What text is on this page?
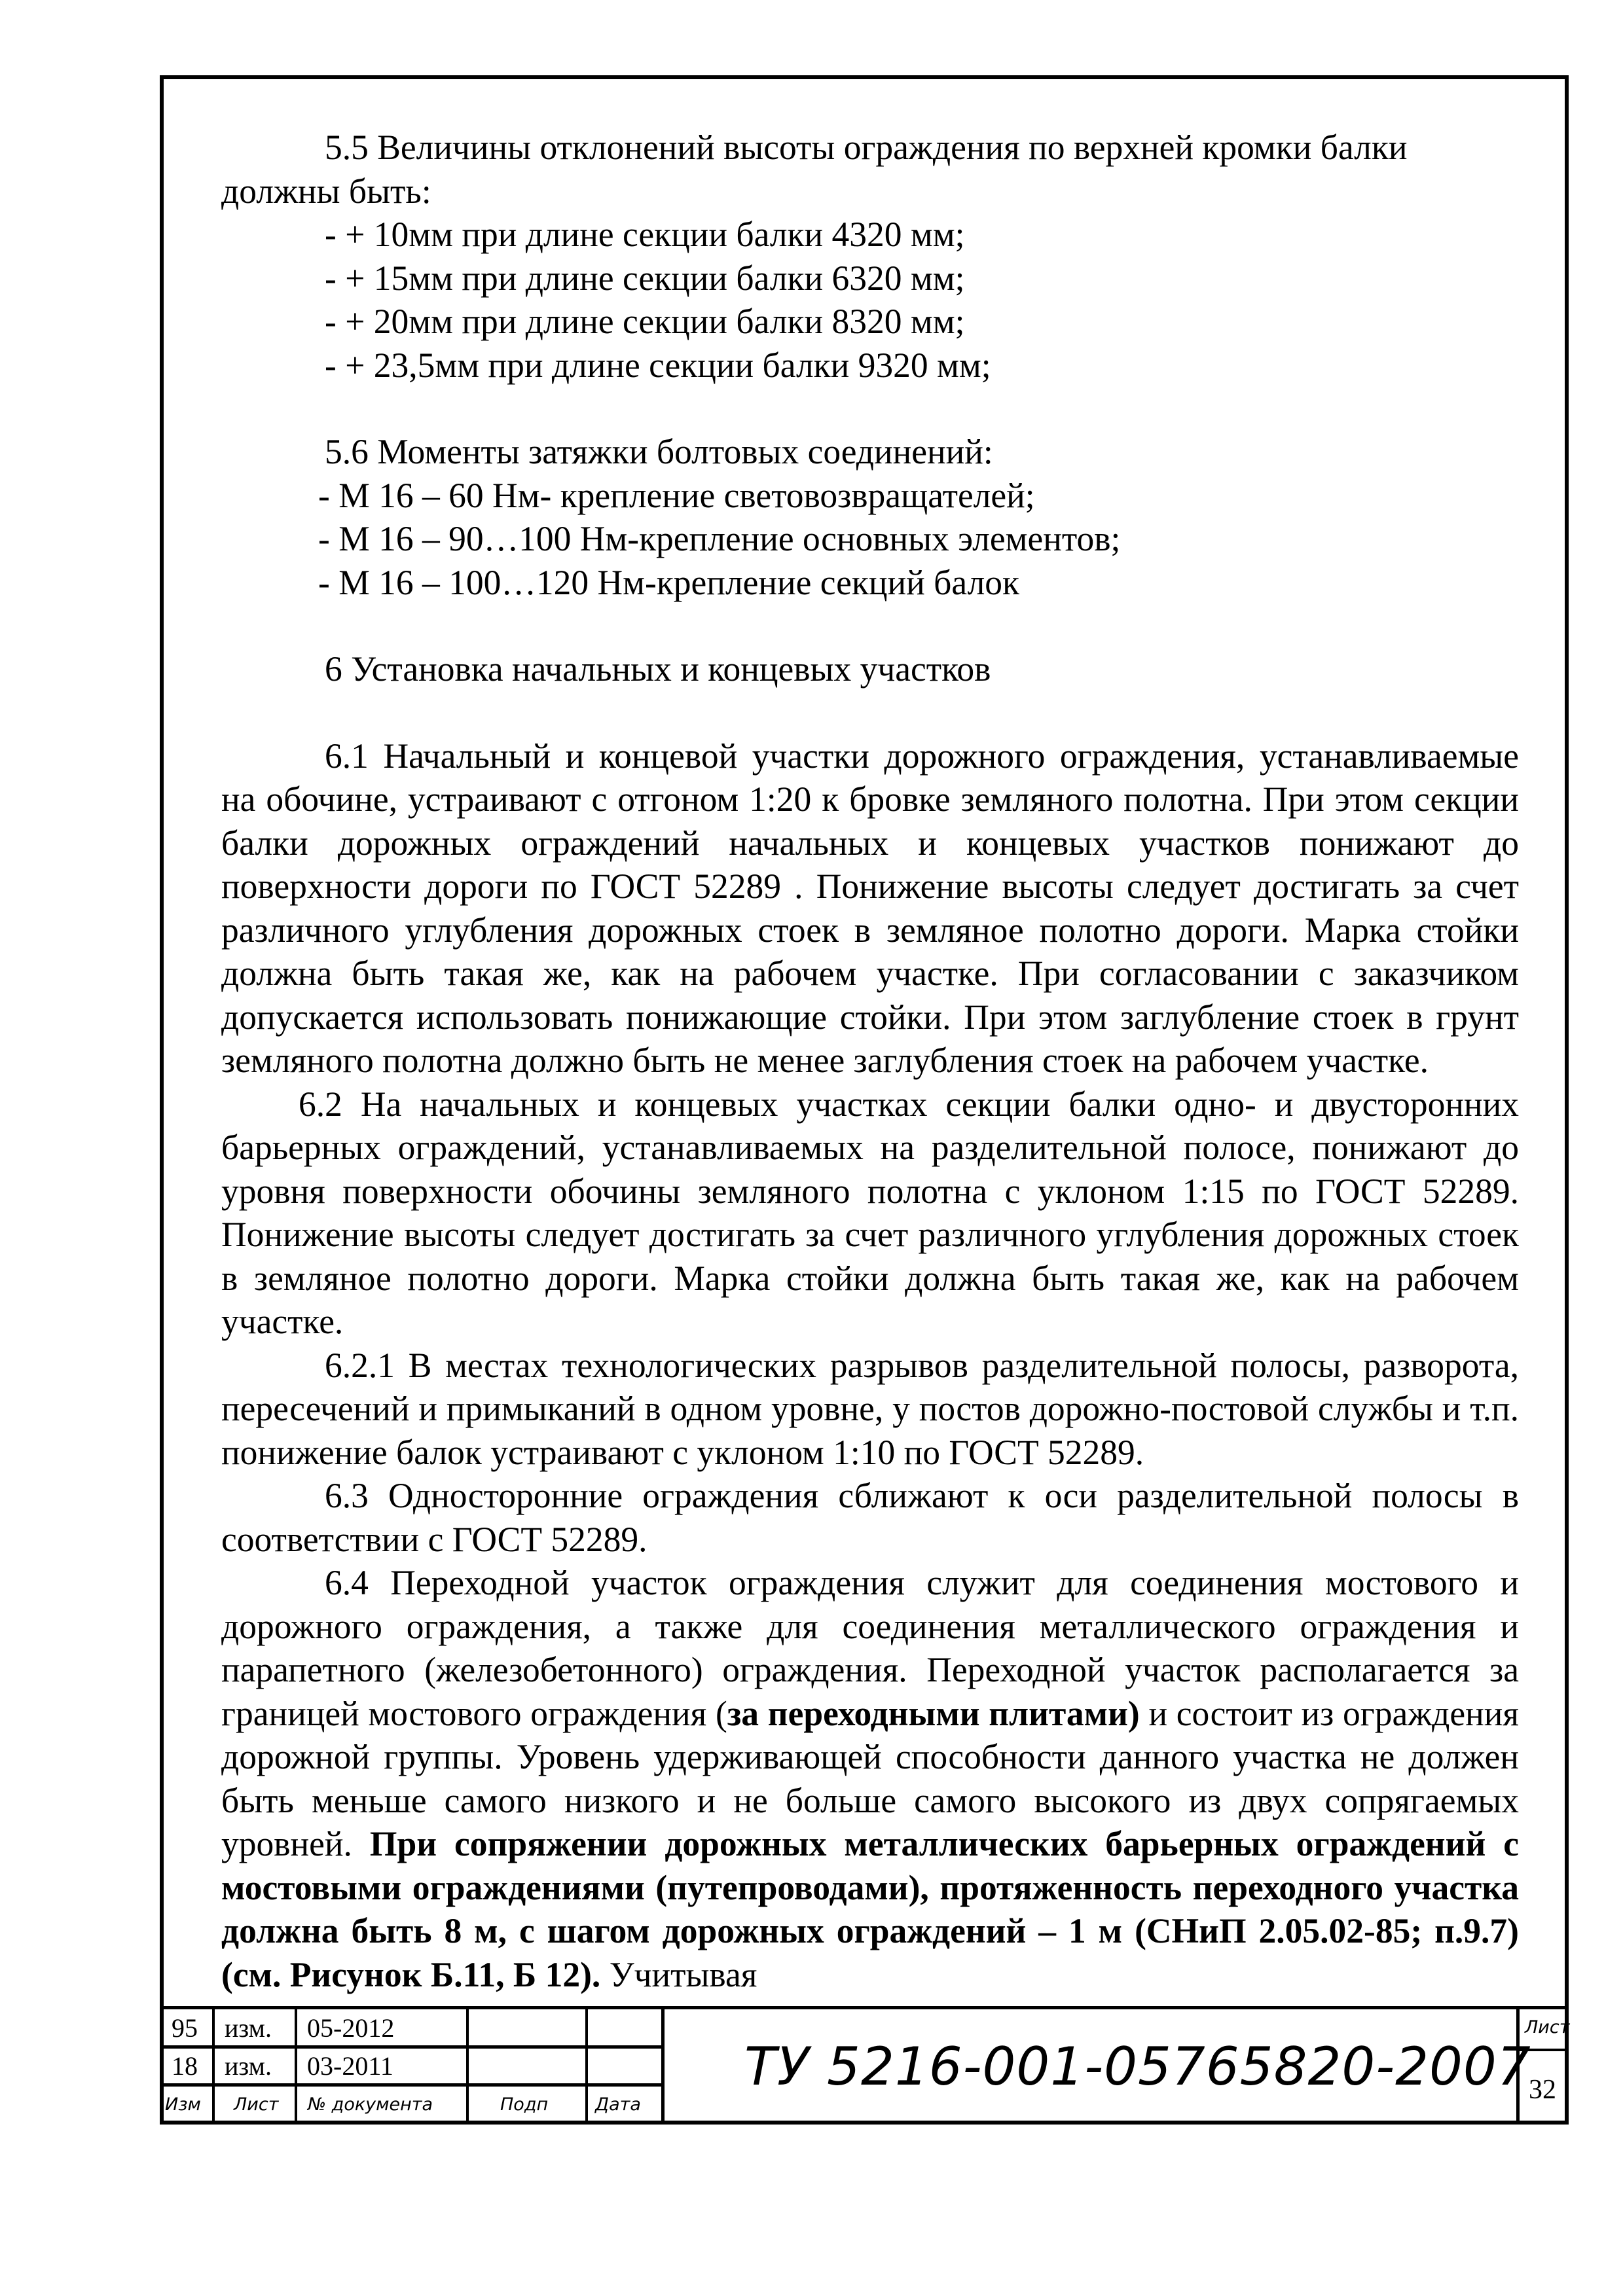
5.5 Величины отклонений высоты ограждения по верхней кромки балки должны быть:

- + 10мм при длине секции балки 4320 мм;

- + 15мм при длине секции балки 6320 мм;

- + 20мм при длине секции балки 8320 мм;

- + 23,5мм при длине секции балки 9320 мм;

5.6 Моменты затяжки болтовых соединений:

- М 16 – 60 Нм- крепление световозвращателей;

- М 16 – 90…100 Нм-крепление основных элементов;

- М 16 – 100…120 Нм-крепление секций балок

6 Установка начальных и концевых участков

6.1 Начальный и концевой участки дорожного ограждения, устанавливаемые на обочине, устраивают с отгоном 1:20 к бровке земляного полотна. При этом секции балки дорожных ограждений начальных и концевых участков понижают до поверхности дороги по ГОСТ 52289 . Понижение высоты следует достигать за счет различного углубления дорожных стоек в земляное полотно дороги. Марка стойки должна быть такая же, как на рабочем участке. При согласовании с заказчиком допускается использовать понижающие стойки. При этом заглубление стоек в грунт земляного полотна должно быть не менее заглубления стоек на рабочем участке.

6.2 На начальных и концевых участках секции балки одно- и двусторонних барьерных ограждений, устанавливаемых на разделительной полосе, понижают до уровня поверхности обочины земляного полотна с уклоном 1:15 по ГОСТ 52289. Понижение высоты следует достигать за счет различного углубления дорожных стоек в земляное полотно дороги. Марка стойки должна быть такая же, как на рабочем участке.

6.2.1 В местах технологических разрывов разделительной полосы, разворота, пересечений и примыканий в одном уровне, у постов дорожно-постовой службы и т.п. понижение балок устраивают с уклоном 1:10 по ГОСТ 52289.

6.3 Односторонние ограждения сближают к оси разделительной полосы в соответствии с ГОСТ 52289.

6.4 Переходной участок ограждения служит для соединения мостового и дорожного ограждения, а также для соединения металлического ограждения и парапетного (железобетонного) ограждения. Переходной участок располагается за границей мостового ограждения (за переходными плитами) и состоит из ограждения дорожной группы. Уровень удерживающей способности данного участка не должен быть меньше самого низкого и не больше самого высокого из двух сопрягаемых уровней. При сопряжении дорожных металлических барьерных ограждений с мостовыми ограждениями (путепроводами), протяженность переходного участка должна быть 8 м, с шагом дорожных ограждений – 1 м (СНиП 2.05.02-85; п.9.7) (см. Рисунок Б.11, Б 12). Учитывая

95 изм. 05-2012
18 изм. 03-2011
Изм Лист № документа	Подп	Дата
ТУ 5216-001-05765820-2007
Лист
32
